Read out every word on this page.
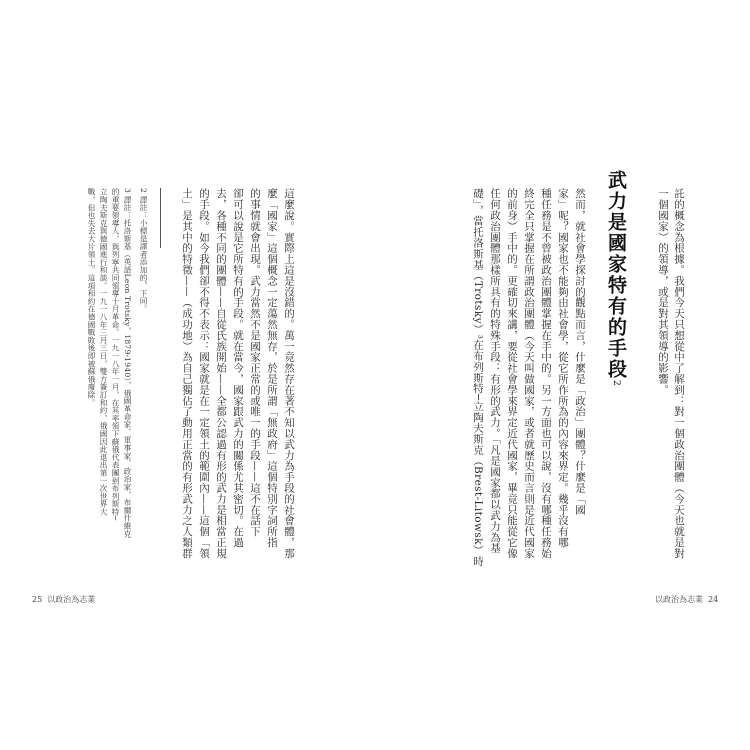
託的概念為根據。我們今天只想從中了解到：對一個政治團體（今天也就是對
一個國家）的領導，或是對其領導的影響。
武力是國家特有的手段2
然而，就社會學探討的觀點而言，什麼是「政治」團體？什麼是「國
家」呢？國家也不能夠由社會學，從它所作所為的內容來界定。幾乎沒有哪
種任務是不曾被政治團體掌握在手中的。另一方面也可以說，沒有哪種任務始
終完全只掌握在所謂政治團體（今天叫做國家，或者就歷史而言則是近代國家
的前身）手中的。更確切來講，要從社會學來界定近代國家，畢竟只能從它像
任何政治團體那樣所具有的特殊手段：有形的武力。「凡是國家都以武力為基
礎」，當托洛斯基（Trotsky）³在布列斯特─立陶夫斯克（Brest-Litowsk）時
以政治為志業 24
這麼說。實際上這是沒錯的。萬一竟然存在著不知以武力為手段的社會體，那
麼「國家」這個概念一定蕩然無存，於是所謂「無政府」這個特別字詞所指
的事情就會出現。武力當然不是國家正常的或唯一的手段——這不在話下
卻可以說是它所特有的手段。就在當今，國家跟武力的關係尤其密切。在過
去，各種不同的團體——自從氏族開始——全都公認過有形的武力是相當正規
的手段。如今我們卻不得不表示：國家就是在一定領土的範圍內——這個「領
土」是其中的特徵——（成功地）為自己獨佔了動用正當的有形武力之人類群
2 譯註：小標是譯者添加的，下同。
3 譯註：托洛斯基（英語Leon Trotsky，1879-1940），俄國革命家、軍事家、政治家，布爾什維克
的重要領導人，與列寧共同領導十月革命。一九一八年一月，在其率領下蘇俄代表團到布列斯特─
立陶夫斯克與德國進行和談。一九一八年三月三日，雙方簽訂和約，俄國因此退出第一次世界大
戰，但也失去大片領土。這項和約在德國戰敗後即被蘇俄廢除。
25 以政治為志業
